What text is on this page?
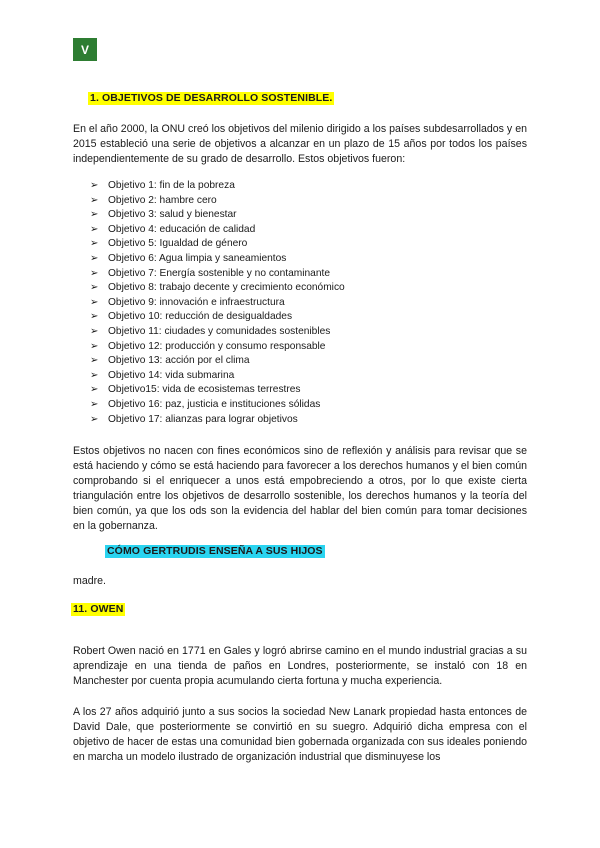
V
1. OBJETIVOS DE DESARROLLO SOSTENIBLE.

En el año 2000, la ONU creó los objetivos del milenio dirigido a los países subdesarrollados y en 2015 estableció una serie de objetivos a alcanzar en un plazo de 15 años por todos los países independientemente de su grado de desarrollo. Estos objetivos fueron:

➢ Objetivo 1: fin de la pobreza
➢ Objetivo 2: hambre cero
➢ Objetivo 3: salud y bienestar
➢ Objetivo 4: educación de calidad
➢ Objetivo 5: Igualdad de género
➢ Objetivo 6: Agua limpia y saneamientos
➢ Objetivo 7: Energía sostenible y no contaminante
➢ Objetivo 8: trabajo decente y crecimiento económico
➢ Objetivo 9: innovación e infraestructura
➢ Objetivo 10: reducción de desigualdades
➢ Objetivo 11: ciudades y comunidades sostenibles
➢ Objetivo 12: producción y consumo responsable
➢ Objetivo 13: acción por el clima
➢ Objetivo 14: vida submarina
➢ Objetivo15: vida de ecosistemas terrestres
➢ Objetivo 16: paz, justicia e instituciones sólidas
➢ Objetivo 17: alianzas para lograr objetivos

Estos objetivos no nacen con fines económicos sino de reflexión y análisis para revisar que se está haciendo y cómo se está haciendo para favorecer a los derechos humanos y el bien común comprobando si el enriquecer a unos está empobreciendo a otros, por lo que existe cierta triangulación entre los objetivos de desarrollo sostenible, los derechos humanos y la teoría del bien común, ya que los ods son la evidencia del hablar del bien común para tomar decisiones en la gobernanza.

CÓMO GERTRUDIS ENSEÑA A SUS HIJOS
madre.
11. OWEN

Robert Owen nació en 1771 en Gales y logró abrirse camino en el mundo industrial gracias a su aprendizaje en una tienda de paños en Londres, posteriormente, se instaló con 18 en Manchester por cuenta propia acumulando cierta fortuna y mucha experiencia.

A los 27 años adquirió junto a sus socios la sociedad New Lanark propiedad hasta entonces de David Dale, que posteriormente se convirtió en su suegro. Adquirió dicha empresa con el objetivo de hacer de estas una comunidad bien gobernada organizada con sus ideales poniendo en marcha un modelo ilustrado de organización industrial que disminuyese los
